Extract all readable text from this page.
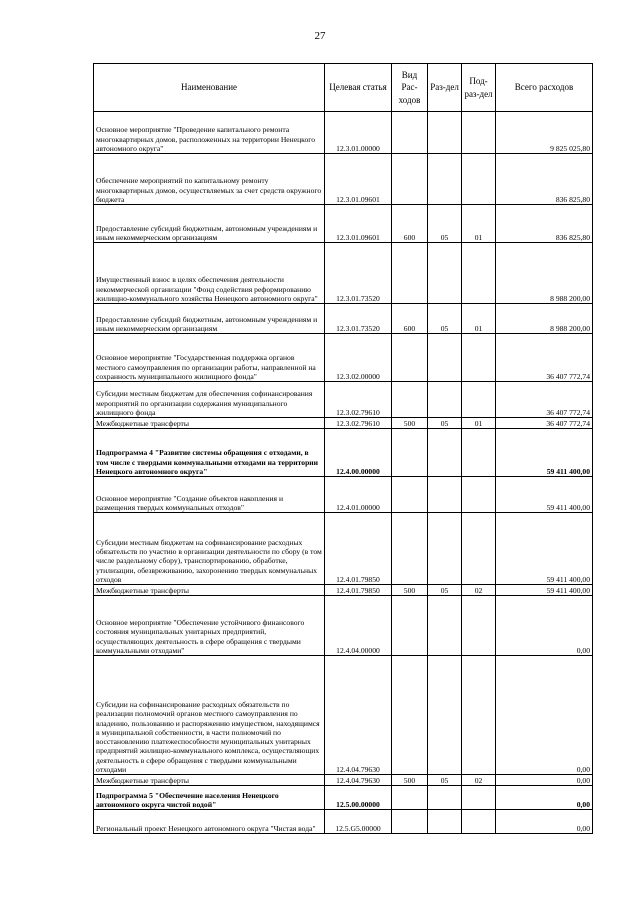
27
Наименование	Целевая статья	Вид Рас-ходов	Раз-дел	Под-раз-дел	Всего расходов
Основное мероприятие "Проведение капитального ремонта многоквартирных домов, расположенных на территории Ненецкого автономного округа"	12.3.01.00000				9 825 025,80
Обеспечение мероприятий по капитальному ремонту многоквартирных домов, осуществляемых за счет средств окружного бюджета	12.3.01.09601				836 825,80
Предоставление субсидий бюджетным, автономным учреждениям и иным некоммерческим организациям	12.3.01.09601	600	05	01	836 825,80
Имущественный взнос в целях обеспечения деятельности некоммерческой организации "Фонд содействия реформированию жилищно-коммунального хозяйства Ненецкого автономного округа"	12.3.01.73520				8 988 200,00
Предоставление субсидий бюджетным, автономным учреждениям и иным некоммерческим организациям	12.3.01.73520	600	05	01	8 988 200,00
Основное мероприятие "Государственная поддержка органов местного самоуправления по организации работы, направленной на сохранность муниципального жилищного фонда"	12.3.02.00000				36 407 772,74
Субсидии местным бюджетам для обеспечения софинансирования мероприятий по организации содержания муниципального жилищного фонда	12.3.02.79610				36 407 772,74
Межбюджетные трансферты	12.3.02.79610	500	05	01	36 407 772,74
Подпрограмма 4 "Развитие системы обращения с отходами, в том числе с твердыми коммунальными отходами на территории Ненецкого автономного округа"	12.4.00.00000				59 411 400,00
Основное мероприятие "Создание объектов накопления и размещения твердых коммунальных отходов"	12.4.01.00000				59 411 400,00
Субсидии местным бюджетам на софинансирование расходных обязательств по участию в организации деятельности по сбору (в том числе раздельному сбору), транспортированию, обработке, утилизации, обезвреживанию, захоронению твердых коммунальных отходов	12.4.01.79850				59 411 400,00
Межбюджетные трансферты	12.4.01.79850	500	05	02	59 411 400,00
Основное мероприятие "Обеспечение устойчивого финансового состояния муниципальных унитарных предприятий, осуществляющих деятельность в сфере обращения с твердыми коммунальными отходами"	12.4.04.00000				0,00
Субсидии на софинансирование расходных обязательств по реализации полномочий органов местного самоуправления по владению, пользованию и распоряжению имуществом, находящимся в муниципальной собственности, в части полномочий по восстановлению платежеспособности муниципальных унитарных предприятий жилищно-коммунального комплекса, осуществляющих деятельность в сфере обращения с твердыми коммунальными отходами	12.4.04.79630				0,00
Межбюджетные трансферты	12.4.04.79630	500	05	02	0,00
Подпрограмма 5 "Обеспечение населения Ненецкого автономного округа чистой водой"	12.5.00.00000				0,00
Региональный проект Ненецкого автономного округа "Чистая вода"	12.5.G5.00000				0,00
